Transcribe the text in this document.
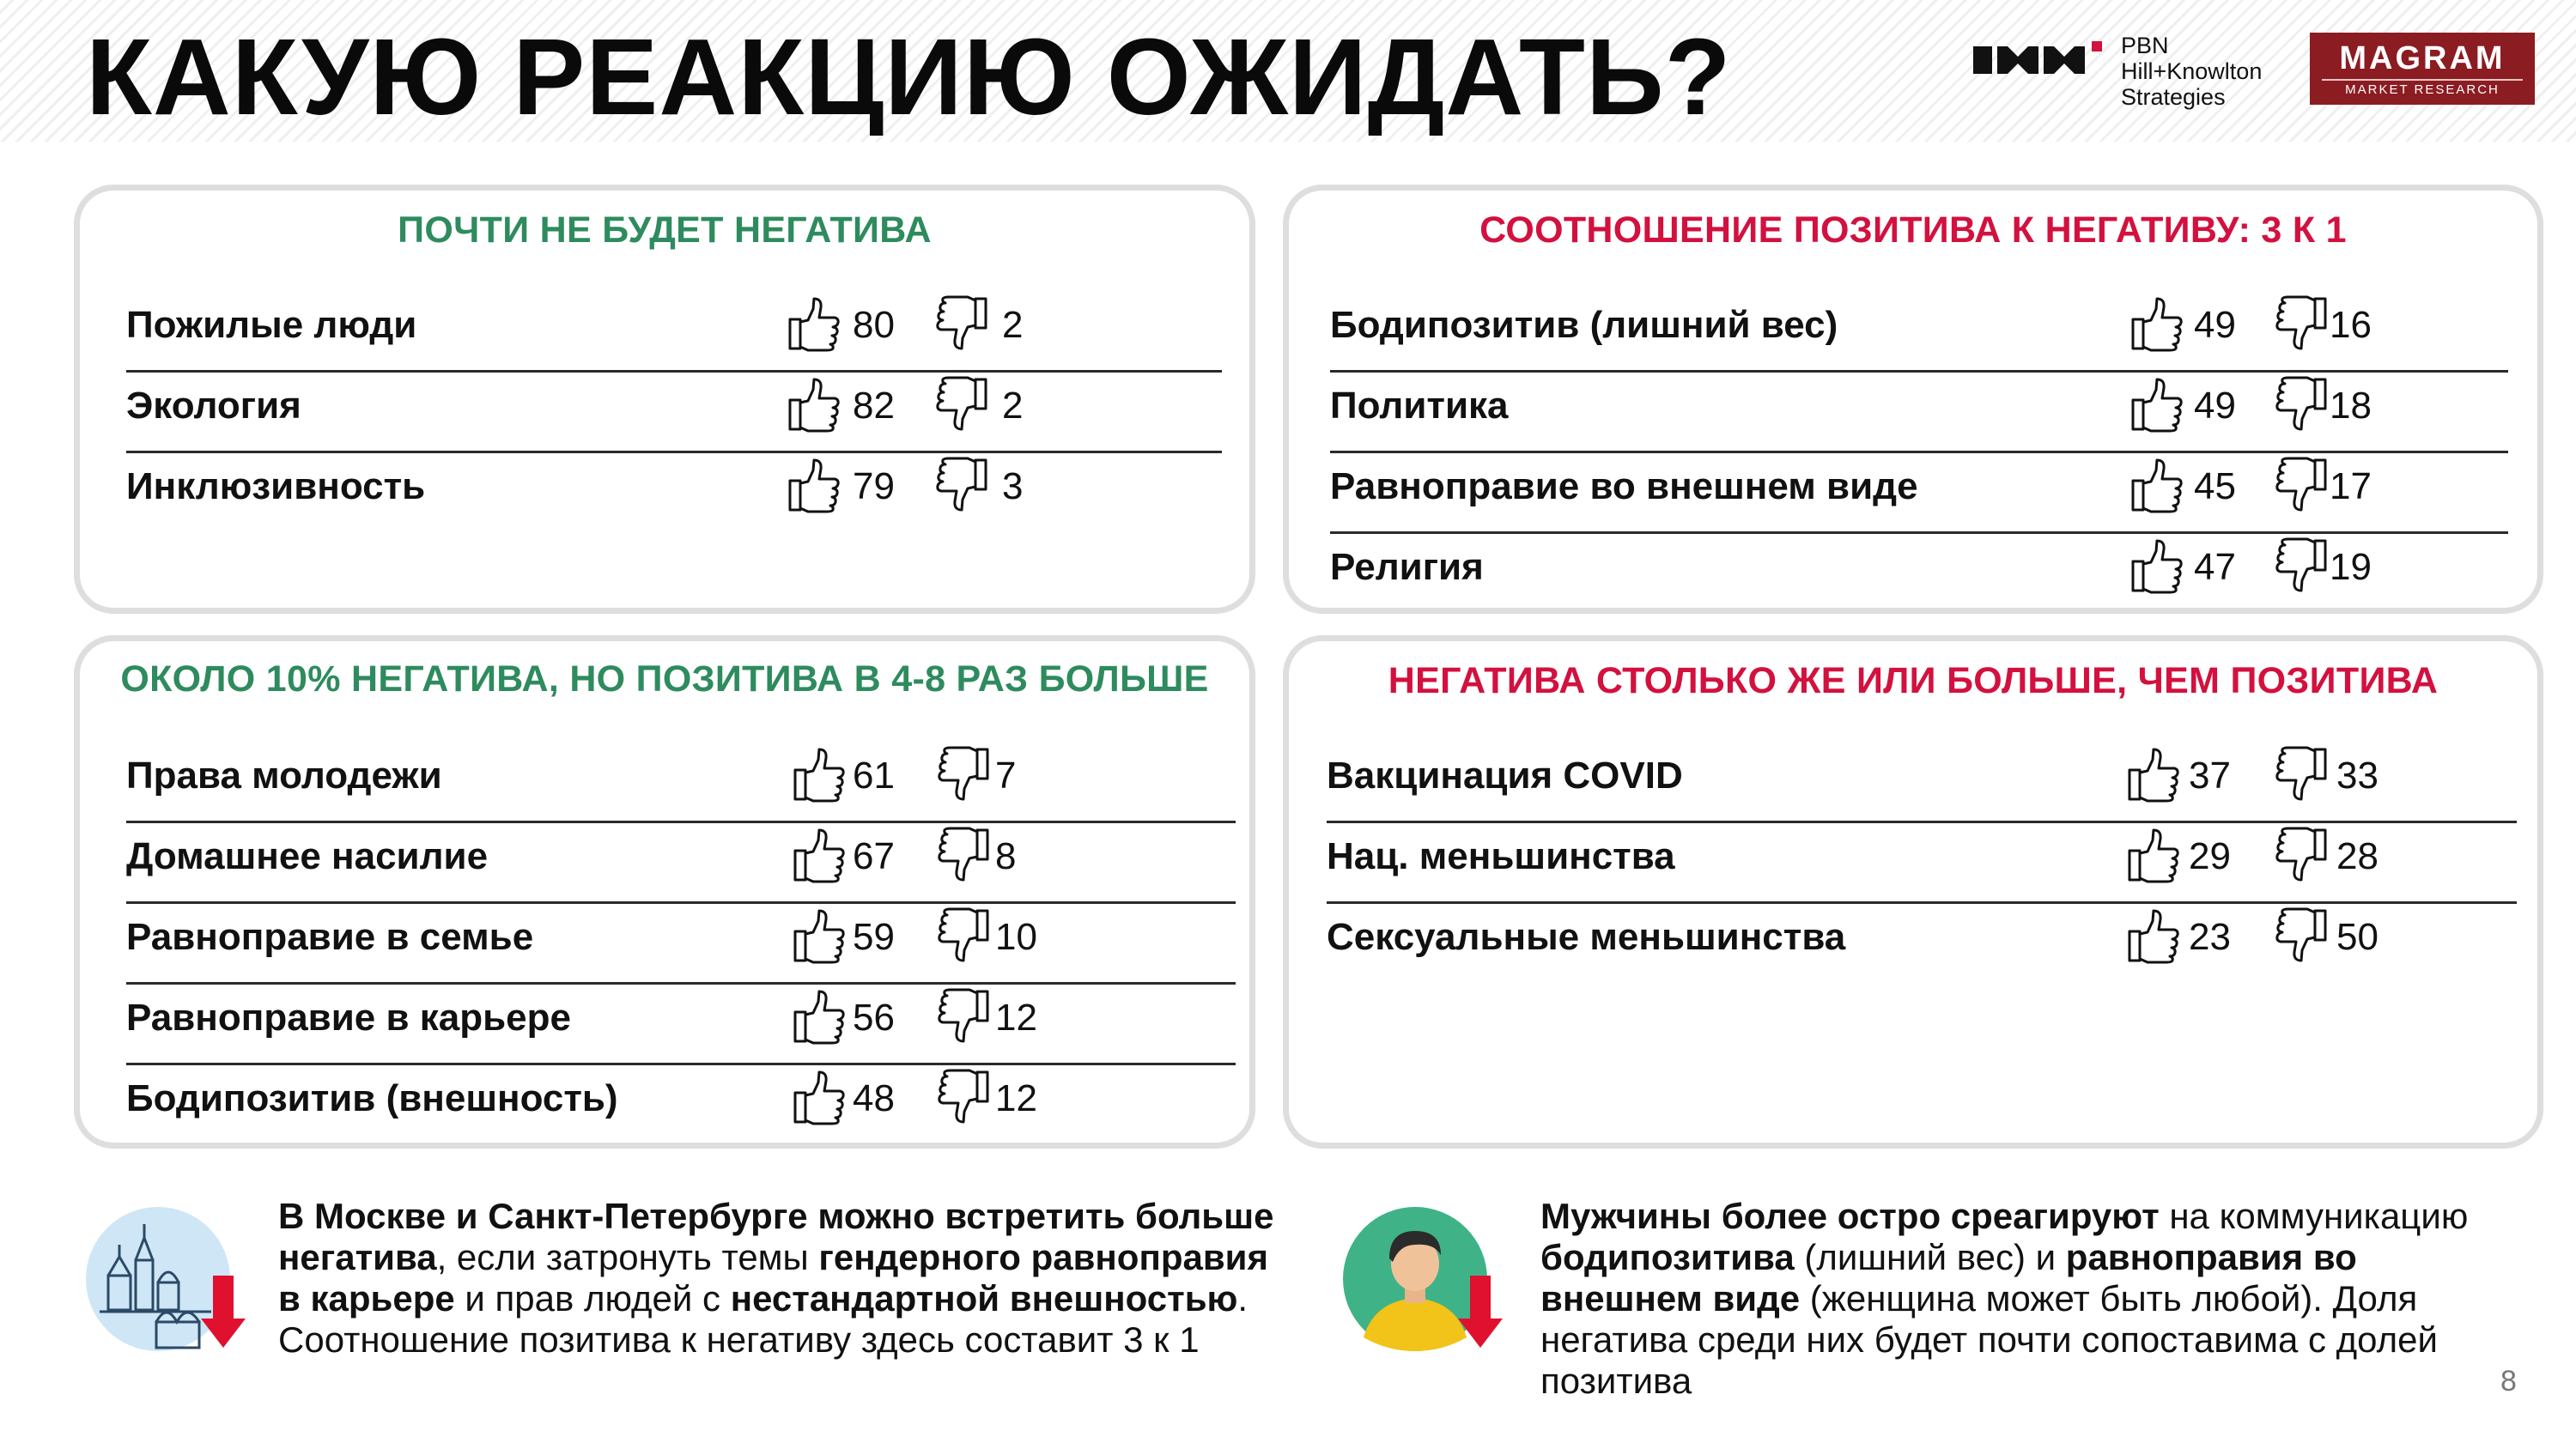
КАКУЮ РЕАКЦИЮ ОЖИДАТЬ?	PBN
Hill+Knowlton
Strategies
MAGRAM
MARKET RESEARCH
ПОЧТИ НЕ БУДЕТ НЕГАТИВА
Пожилые люди	80	2
Экология	82	2
Инклюзивность	79	3
СООТНОШЕНИЕ ПОЗИТИВА К НЕГАТИВУ: 3 К 1
Бодипозитив (лишний вес)	49 16
Политика	49 18
Равноправие во внешнем виде	45 17
Религия	47 19
ОКОЛО 10% НЕГАТИВА, НО ПОЗИТИВА В 4-8 РАЗ БОЛЬШЕ
Права молодежи	61	7
Домашнее насилие	67	8
Равноправие в семье	59	10
Равноправие в карьере	56	12
Бодипозитив (внешность)	48	12
НЕГАТИВА СТОЛЬКО ЖЕ ИЛИ БОЛЬШЕ, ЧЕМ ПОЗИТИВА
Вакцинация COVID	37	33
Нац. меньшинства	29	28
Сексуальные меньшинства	23	50
В Москве и Санкт-Петербурге можно встретить больше негатива, если затронуть темы гендерного равноправия в карьере и прав людей с нестандартной внешностью. Соотношение позитива к негативу здесь составит 3 к 1
Мужчины более остро среагируют на коммуникацию бодипозитива (лишний вес) и равноправия во внешнем виде (женщина может быть любой). Доля негатива среди них будет почти сопоставима с долей позитива	8
